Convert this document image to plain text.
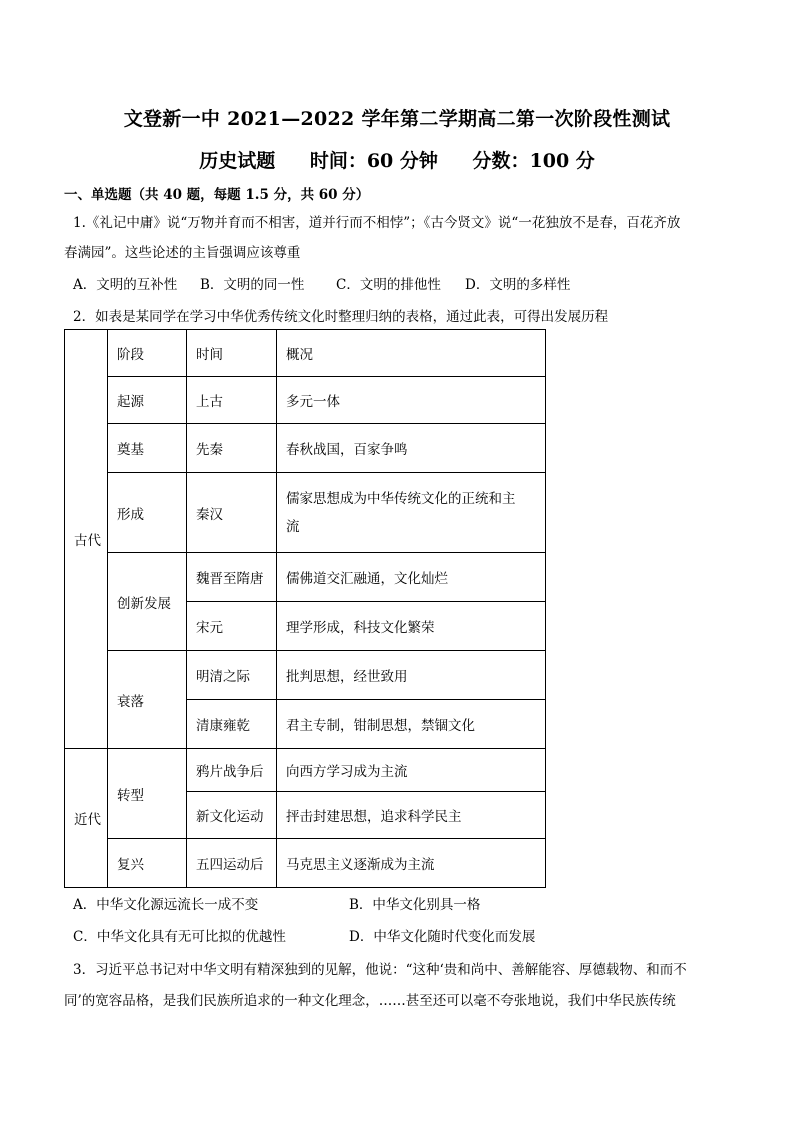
文登新一中 2021—2022 学年第二学期高二第一次阶段性测试
历史试题 时间：60 分钟 分数：100 分
一、单选题（共 40 题，每题 1.5 分，共 60 分）
1.《礼记中庸》说“万物并育而不相害，道并行而不相悖”；《古今贤文》说“一花独放不是春，百花齐放
春满园”。这些论述的主旨强调应该尊重
A．文明的互补性 B．文明的同一性 C．文明的排他性 D．文明的多样性
2．如表是某同学在学习中华优秀传统文化时整理归纳的表格，通过此表，可得出发展历程
古代	阶段	时间	概况
	起源	上古	多元一体
	奠基	先秦	春秋战国，百家争鸣
	形成	秦汉	儒家思想成为中华传统文化的正统和主
流
	创新发展	魏晋至隋唐	儒佛道交汇融通，文化灿烂
		宋元	理学形成，科技文化繁荣
	衰落	明清之际	批判思想，经世致用
		清康雍乾	君主专制，钳制思想，禁锢文化
近代	转型	鸦片战争后	向西方学习成为主流
		新文化运动	抨击封建思想，追求科学民主
	复兴	五四运动后	马克思主义逐渐成为主流
A．中华文化源远流长一成不变	B．中华文化别具一格
C．中华文化具有无可比拟的优越性	D．中华文化随时代变化而发展
3．习近平总书记对中华文明有精深独到的见解，他说：“这种‘贵和尚中、善解能容、厚德载物、和而不
同’的宽容品格，是我们民族所追求的一种文化理念，……甚至还可以毫不夸张地说，我们中华民族传统
